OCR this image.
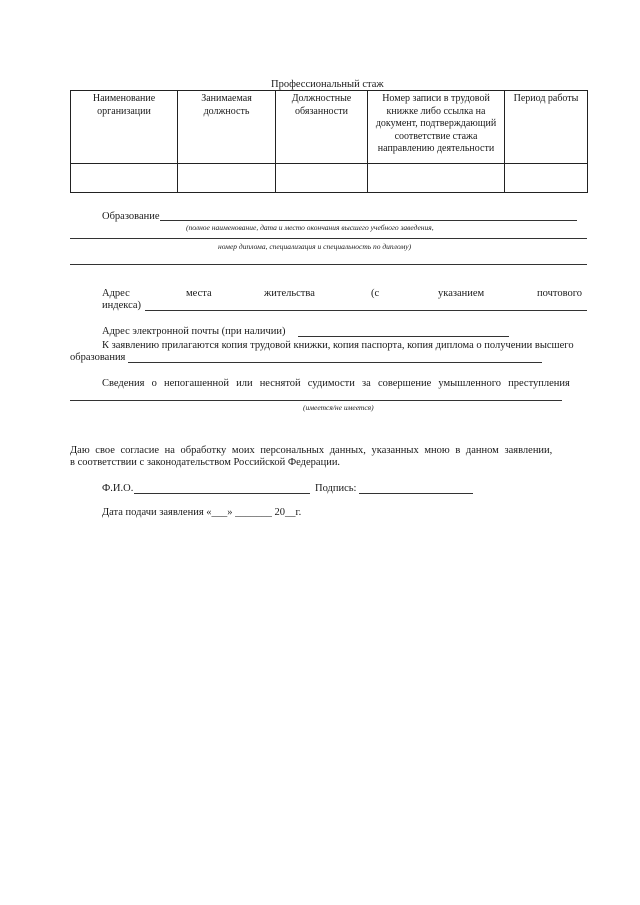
Профессиональный стаж
Наименование организации	Занимаемая должность	Должностные обязанности	Номер записи в трудовой книжке либо ссылка на документ, подтверждающий соответствие стажа направлению деятельности	Период работы

Образование
(полное наименование, дата и место окончания высшего учебного заведения,
номер диплома, специализация и специальность по диплому)
Адрес	места	жительства	(с	указанием	почтового
индекса)
Адрес электронной почты (при наличии)
К заявлению прилагаются копия трудовой книжки, копия паспорта, копия диплома о получении высшего
образования
Сведения о непогашенной или неснятой судимости за совершение умышленного преступления
(имеется/не имеется)
Даю свое согласие на обработку моих персональных данных, указанных мною в данном заявлении,
в соответствии с законодательством Российской Федерации.
Ф.И.О.	Подпись:
Дата подачи заявления «___» _______ 20__г.
